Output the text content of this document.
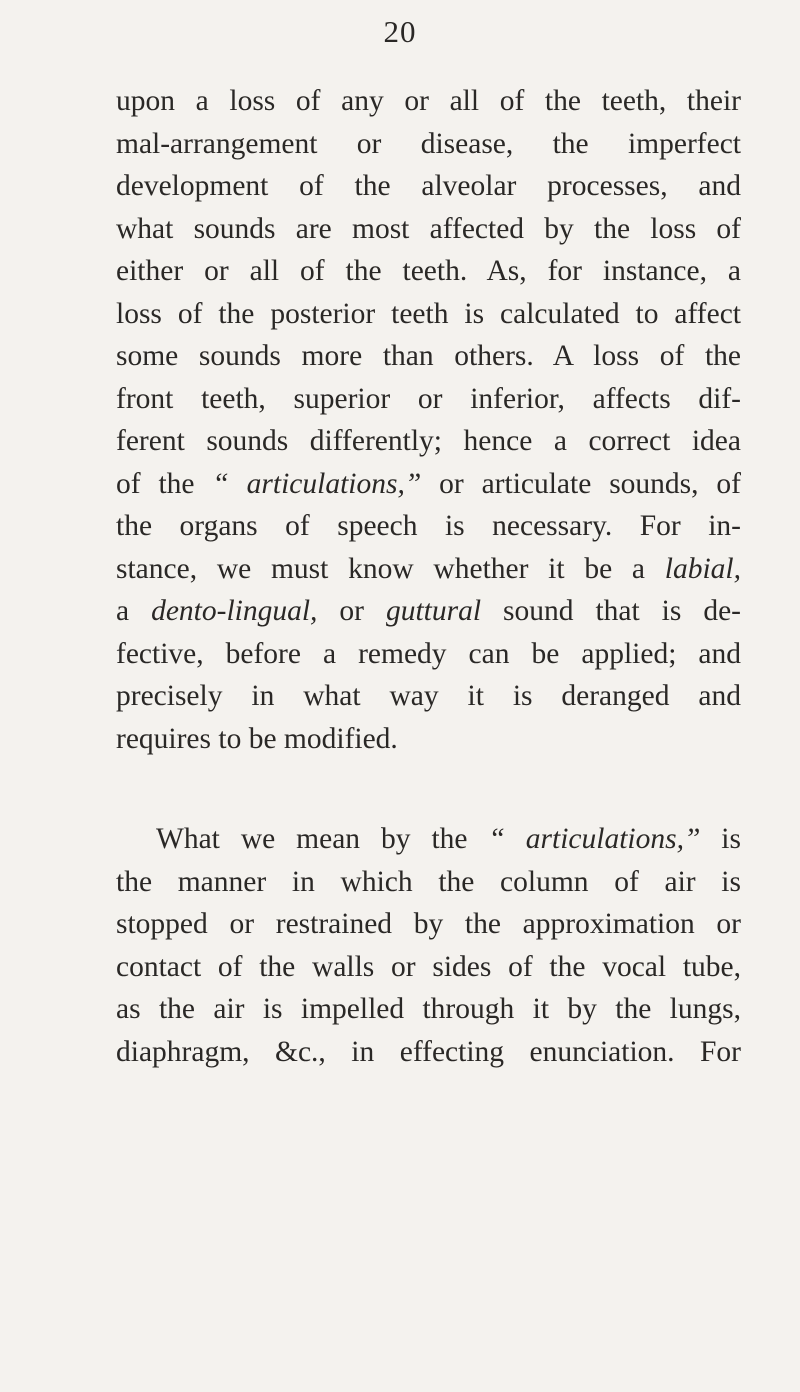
20
upon a loss of any or all of the teeth, their
mal-arrangement or disease, the imperfect
development of the alveolar processes, and
what sounds are most affected by the loss of
either or all of the teeth. As, for instance, a
loss of the posterior teeth is calculated to affect
some sounds more than others. A loss of the
front teeth, superior or inferior, affects dif-
ferent sounds differently; hence a correct idea
of the “ articulations,” or articulate sounds, of
the organs of speech is necessary. For in-
stance, we must know whether it be a labial,
a dento-lingual, or guttural sound that is de-
fective, before a remedy can be applied; and
precisely in what way it is deranged and
requires to be modified.
What we mean by the “ articulations,” is
the manner in which the column of air is
stopped or restrained by the approximation or
contact of the walls or sides of the vocal tube,
as the air is impelled through it by the lungs,
diaphragm, &c., in effecting enunciation. For
